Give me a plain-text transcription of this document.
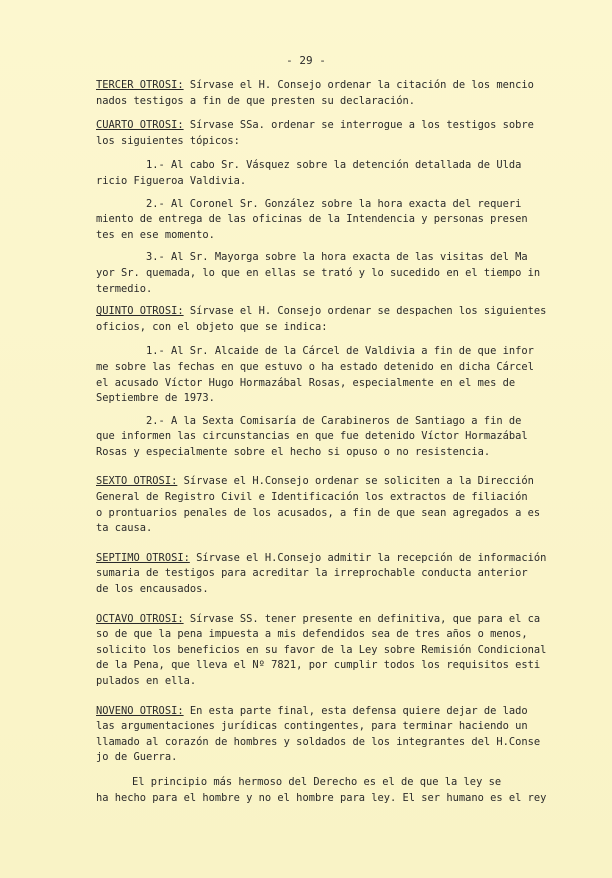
- 29 -
TERCER OTROSI: Sírvase el H. Consejo ordenar la citación de los mencio
nados testigos a fin de que presten su declaración.
CUARTO OTROSI: Sírvase SSa. ordenar se interrogue a los testigos sobre
los siguientes tópicos:
1.- Al cabo Sr. Vásquez sobre la detención detallada de Ulda
ricio Figueroa Valdivia.
2.- Al Coronel Sr. González sobre la hora exacta del requeri
miento de entrega de las oficinas de la Intendencia y personas presen
tes en ese momento.
3.- Al Sr. Mayorga sobre la hora exacta de las visitas del Ma
yor Sr. quemada, lo que en ellas se trató y lo sucedido en el tiempo in
termedio.
QUINTO OTROSI: Sírvase el H. Consejo ordenar se despachen los siguientes
oficios, con el objeto que se indica:
1.- Al Sr. Alcaide de la Cárcel de Valdivia a fin de que infor
me sobre las fechas en que estuvo o ha estado detenido en dicha Cárcel
el acusado Víctor Hugo Hormazábal Rosas, especialmente en el mes de
Septiembre de 1973.
2.- A la Sexta Comisaría de Carabineros de Santiago a fin de
que informen las circunstancias en que fue detenido Víctor Hormazábal
Rosas y especialmente sobre el hecho si opuso o no resistencia.
SEXTO OTROSI: Sírvase el H.Consejo ordenar se soliciten a la Dirección
General de Registro Civil e Identificación los extractos de filiación
o prontuarios penales de los acusados, a fin de que sean agregados a es
ta causa.
SEPTIMO OTROSI: Sírvase el H.Consejo admitir la recepción de información
sumaria de testigos para acreditar la irreprochable conducta anterior
de los encausados.
OCTAVO OTROSI: Sírvase SS. tener presente en definitiva, que para el ca
so de que la pena impuesta a mis defendidos sea de tres años o menos,
solicito los beneficios en su favor de la Ley sobre Remisión Condicional
de la Pena, que lleva el Nº 7821, por cumplir todos los requisitos esti
pulados en ella.
NOVENO OTROSI: En esta parte final, esta defensa quiere dejar de lado
las argumentaciones jurídicas contingentes, para terminar haciendo un
llamado al corazón de hombres y soldados de los integrantes del H.Conse
jo de Guerra.
El principio más hermoso del Derecho es el de que la ley se
ha hecho para el hombre y no el hombre para ley. El ser humano es el rey
